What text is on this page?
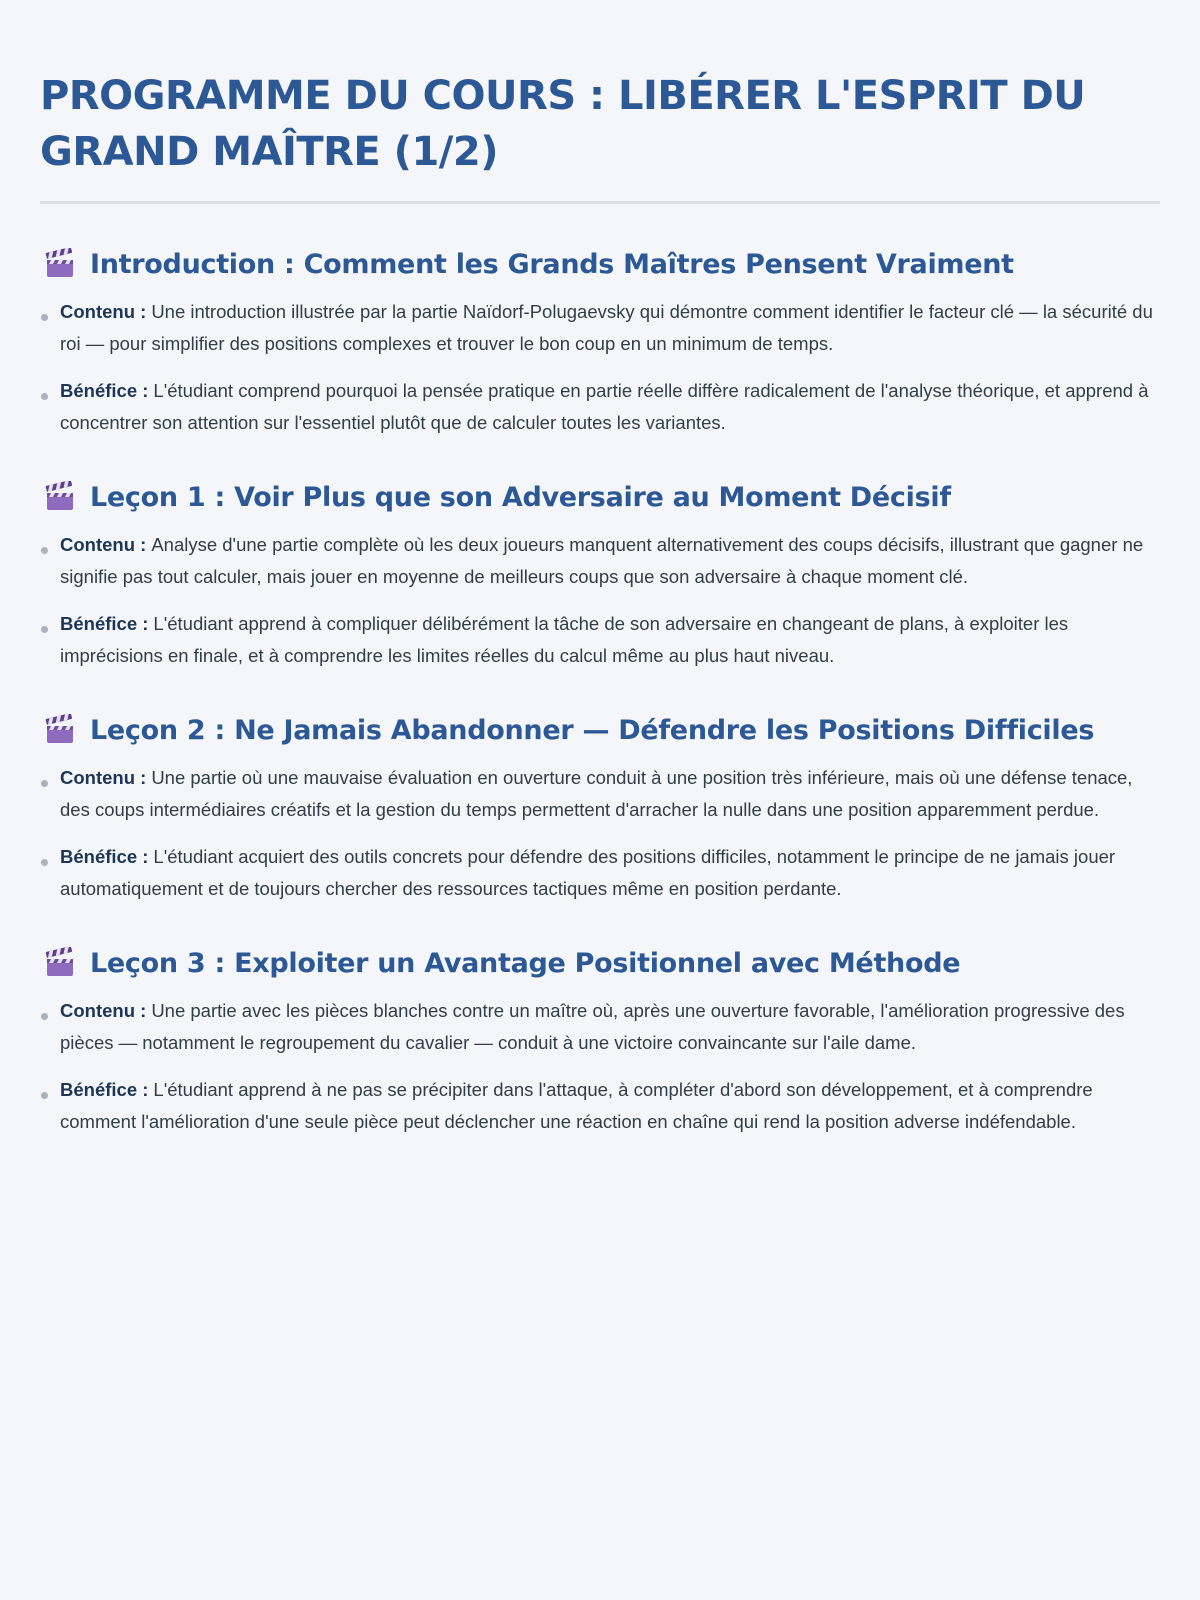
PROGRAMME DU COURS : LIBÉRER L'ESPRIT DU GRAND MAÎTRE (1/2)
Introduction : Comment les Grands Maîtres Pensent Vraiment
Contenu : Une introduction illustrée par la partie Naïdorf-Polugaevsky qui démontre comment identifier le facteur clé — la sécurité du roi — pour simplifier des positions complexes et trouver le bon coup en un minimum de temps.
Bénéfice : L'étudiant comprend pourquoi la pensée pratique en partie réelle diffère radicalement de l'analyse théorique, et apprend à concentrer son attention sur l'essentiel plutôt que de calculer toutes les variantes.
Leçon 1 : Voir Plus que son Adversaire au Moment Décisif
Contenu : Analyse d'une partie complète où les deux joueurs manquent alternativement des coups décisifs, illustrant que gagner ne signifie pas tout calculer, mais jouer en moyenne de meilleurs coups que son adversaire à chaque moment clé.
Bénéfice : L'étudiant apprend à compliquer délibérément la tâche de son adversaire en changeant de plans, à exploiter les imprécisions en finale, et à comprendre les limites réelles du calcul même au plus haut niveau.
Leçon 2 : Ne Jamais Abandonner — Défendre les Positions Difficiles
Contenu : Une partie où une mauvaise évaluation en ouverture conduit à une position très inférieure, mais où une défense tenace, des coups intermédiaires créatifs et la gestion du temps permettent d'arracher la nulle dans une position apparemment perdue.
Bénéfice : L'étudiant acquiert des outils concrets pour défendre des positions difficiles, notamment le principe de ne jamais jouer automatiquement et de toujours chercher des ressources tactiques même en position perdante.
Leçon 3 : Exploiter un Avantage Positionnel avec Méthode
Contenu : Une partie avec les pièces blanches contre un maître où, après une ouverture favorable, l'amélioration progressive des pièces — notamment le regroupement du cavalier — conduit à une victoire convaincante sur l'aile dame.
Bénéfice : L'étudiant apprend à ne pas se précipiter dans l'attaque, à compléter d'abord son développement, et à comprendre comment l'amélioration d'une seule pièce peut déclencher une réaction en chaîne qui rend la position adverse indéfendable.
